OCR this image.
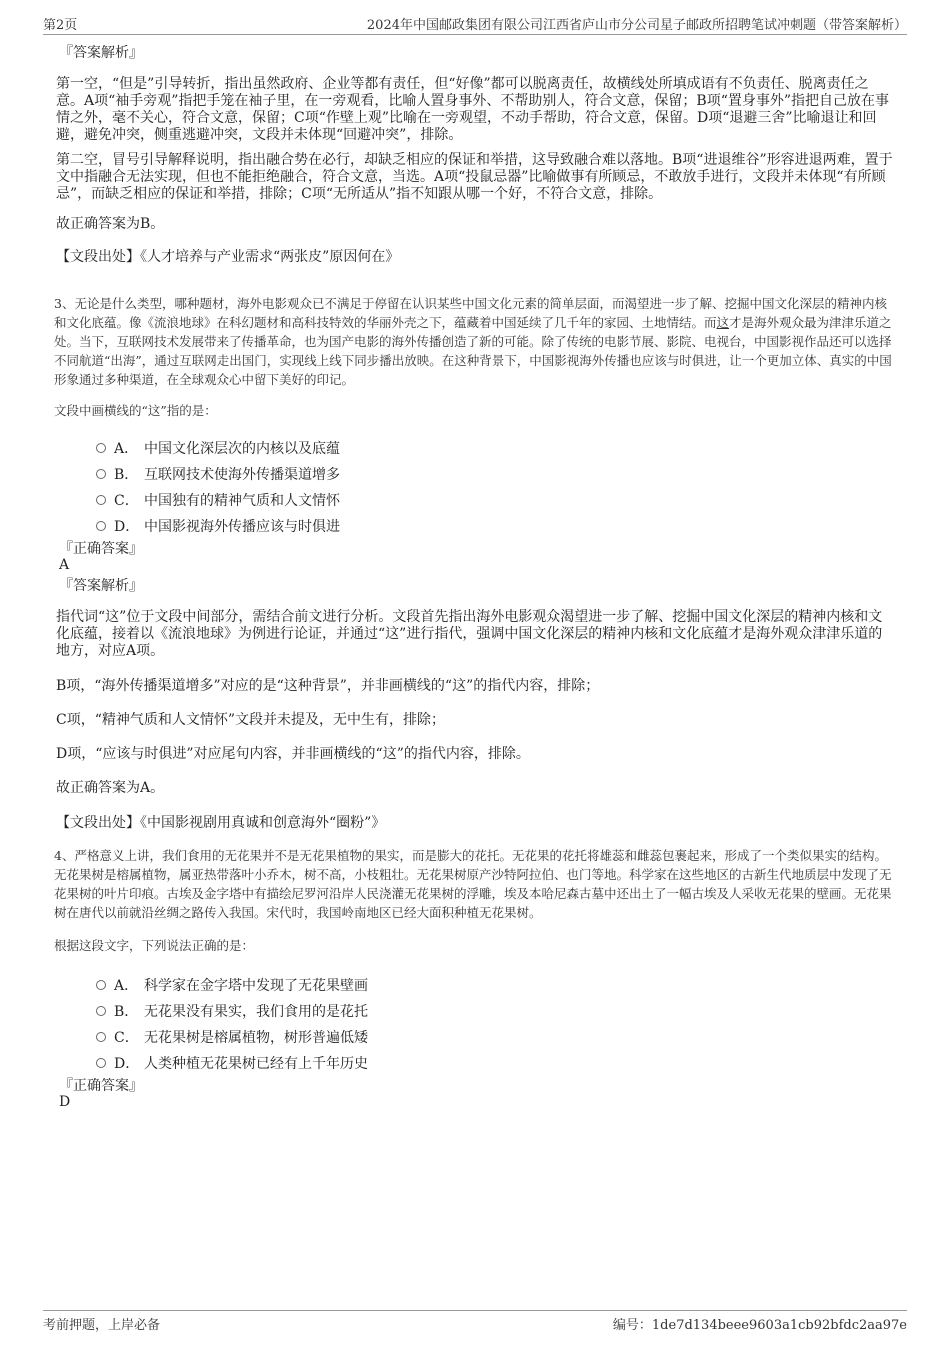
第2页	2024年中国邮政集团有限公司江西省庐山市分公司星子邮政所招聘笔试冲刺题（带答案解析）
『答案解析』

第一空，“但是”引导转折，指出虽然政府、企业等都有责任，但“好像”都可以脱离责任，故横线处所填成语有不负责任、脱离责任之意。A项“袖手旁观”指把手笼在袖子里，在一旁观看，比喻人置身事外、不帮助别人，符合文意，保留；B项“置身事外”指把自己放在事情之外，毫不关心，符合文意，保留；C项“作壁上观”比喻在一旁观望，不动手帮助，符合文意，保留。D项“退避三舍”比喻退让和回避，避免冲突，侧重逃避冲突，文段并未体现“回避冲突”，排除。

第二空，冒号引导解释说明，指出融合势在必行，却缺乏相应的保证和举措，这导致融合难以落地。B项“进退维谷”形容进退两难，置于文中指融合无法实现，但也不能拒绝融合，符合文意，当选。A项“投鼠忌器”比喻做事有所顾忌，不敢放手进行，文段并未体现“有所顾忌”，而缺乏相应的保证和举措，排除；C项“无所适从”指不知跟从哪一个好，不符合文意，排除。

故正确答案为B。

【文段出处】《人才培养与产业需求“两张皮”原因何在》
3、无论是什么类型，哪种题材，海外电影观众已不满足于停留在认识某些中国文化元素的简单层面，而渴望进一步了解、挖掘中国文化深层的精神内核和文化底蕴。像《流浪地球》在科幻题材和高科技特效的华丽外壳之下，蕴藏着中国延续了几千年的家园、土地情结。而这才是海外观众最为津津乐道之处。当下，互联网技术发展带来了传播革命，也为国产电影的海外传播创造了新的可能。除了传统的电影节展、影院、电视台，中国影视作品还可以选择不同航道“出海”，通过互联网走出国门，实现线上线下同步播出放映。在这种背景下，中国影视海外传播也应该与时俱进，让一个更加立体、真实的中国形象通过多种渠道，在全球观众心中留下美好的印记。
文段中画横线的“这”指的是：
A． 中国文化深层次的内核以及底蕴
B． 互联网技术使海外传播渠道增多
C． 中国独有的精神气质和人文情怀
D． 中国影视海外传播应该与时俱进
『正确答案』
A
『答案解析』

指代词“这”位于文段中间部分，需结合前文进行分析。文段首先指出海外电影观众渴望进一步了解、挖掘中国文化深层的精神内核和文化底蕴，接着以《流浪地球》为例进行论证，并通过“这”进行指代，强调中国文化深层的精神内核和文化底蕴才是海外观众津津乐道的地方，对应A项。

B项，“海外传播渠道增多”对应的是“这种背景”，并非画横线的“这”的指代内容，排除；

C项，“精神气质和人文情怀”文段并未提及，无中生有，排除；

D项，“应该与时俱进”对应尾句内容，并非画横线的“这”的指代内容，排除。

故正确答案为A。

【文段出处】《中国影视剧用真诚和创意海外“圈粉”》
4、严格意义上讲，我们食用的无花果并不是无花果植物的果实，而是膨大的花托。无花果的花托将雄蕊和雌蕊包裹起来，形成了一个类似果实的结构。无花果树是榕属植物，属亚热带落叶小乔木，树不高，小枝粗壮。无花果树原产沙特阿拉伯、也门等地。科学家在这些地区的古新生代地质层中发现了无花果树的叶片印痕。古埃及金字塔中有描绘尼罗河沿岸人民浇灌无花果树的浮雕，埃及本哈尼森古墓中还出土了一幅古埃及人采收无花果的壁画。无花果树在唐代以前就沿丝绸之路传入我国。宋代时，我国岭南地区已经大面积种植无花果树。
根据这段文字，下列说法正确的是：
A． 科学家在金字塔中发现了无花果壁画
B． 无花果没有果实，我们食用的是花托
C． 无花果树是榕属植物，树形普遍低矮
D． 人类种植无花果树已经有上千年历史
『正确答案』
D
考前押题，上岸必备	编号：1de7d134beee9603a1cb92bfdc2aa97e
